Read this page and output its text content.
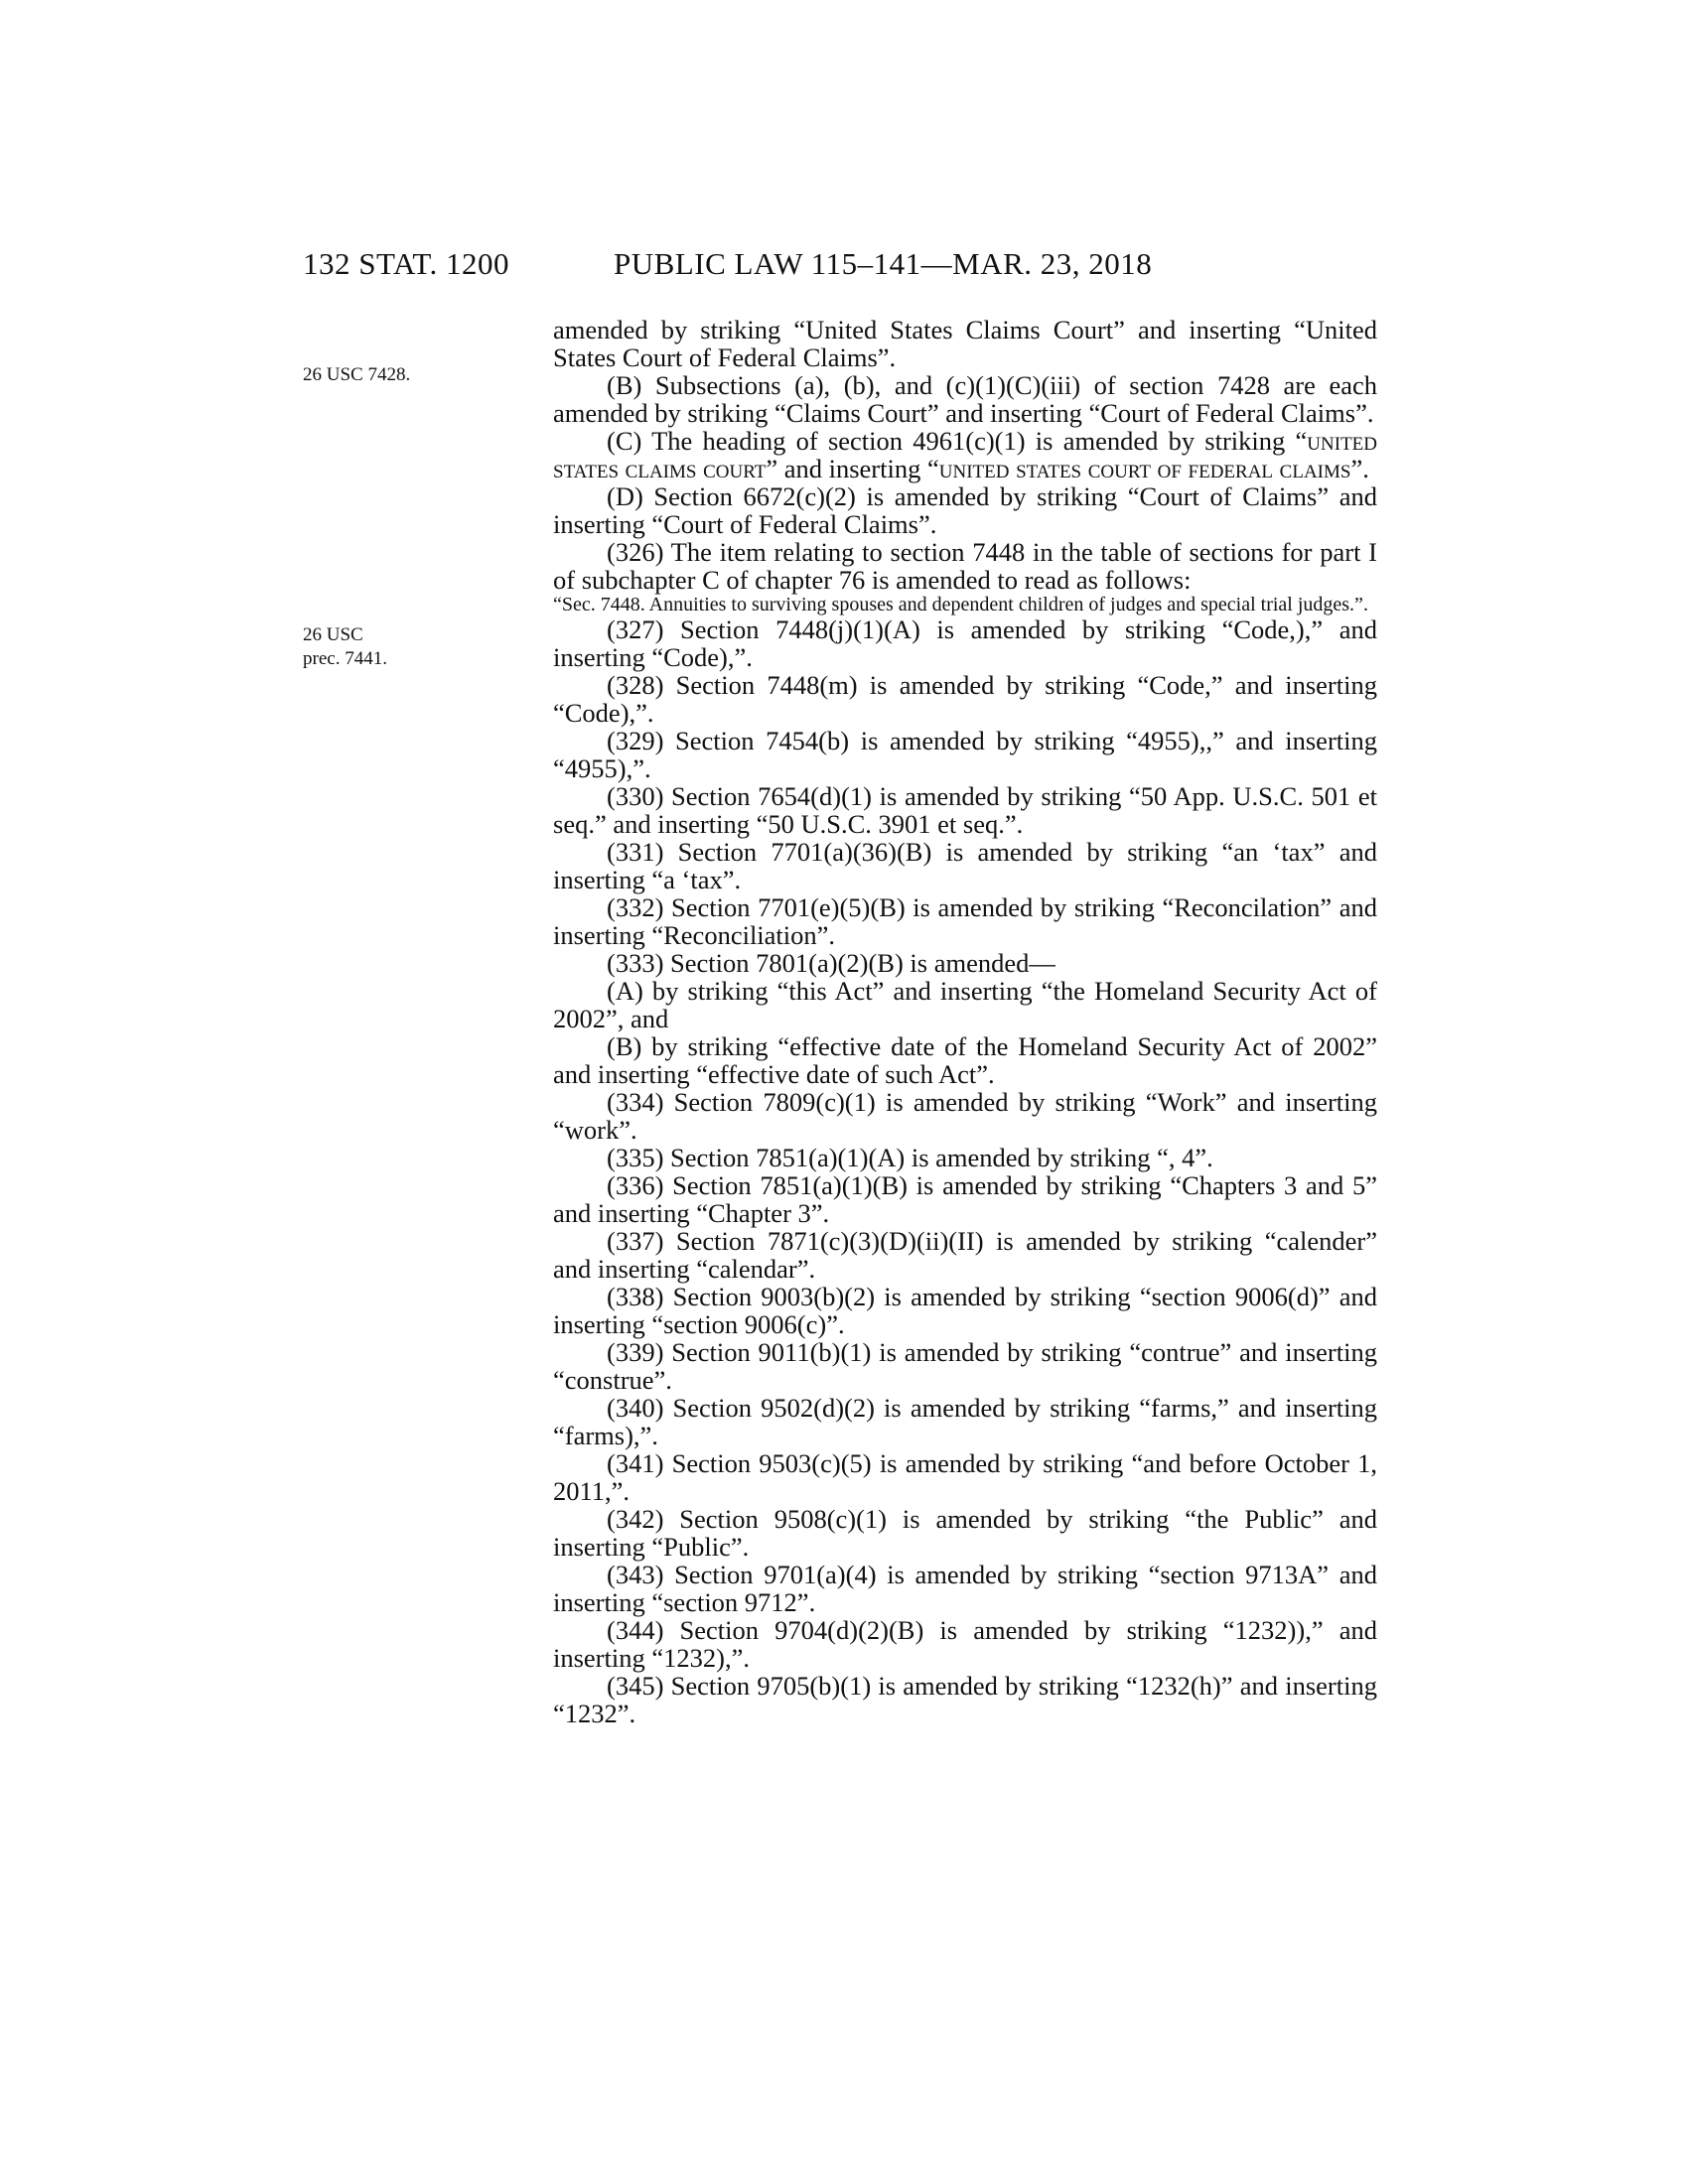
132 STAT. 1200	PUBLIC LAW 115–141—MAR. 23, 2018
26 USC 7428.
26 USC
prec. 7441.

amended by striking “United States Claims Court” and inserting “United States Court of Federal Claims”.

(B) Subsections (a), (b), and (c)(1)(C)(iii) of section 7428 are each amended by striking “Claims Court” and inserting “Court of Federal Claims”.

(C) The heading of section 4961(c)(1) is amended by striking “united states claims court” and inserting “united states court of federal claims”.

(D) Section 6672(c)(2) is amended by striking “Court of Claims” and inserting “Court of Federal Claims”.

(326) The item relating to section 7448 in the table of sections for part I of subchapter C of chapter 76 is amended to read as follows:

“Sec. 7448. Annuities to surviving spouses and dependent children of judges and special trial judges.”.

(327) Section 7448(j)(1)(A) is amended by striking “Code,),” and inserting “Code),”.

(328) Section 7448(m) is amended by striking “Code,” and inserting “Code),”.

(329) Section 7454(b) is amended by striking “4955),,” and inserting “4955),”.

(330) Section 7654(d)(1) is amended by striking “50 App. U.S.C. 501 et seq.” and inserting “50 U.S.C. 3901 et seq.”.

(331) Section 7701(a)(36)(B) is amended by striking “an ‘tax” and inserting “a ‘tax”.

(332) Section 7701(e)(5)(B) is amended by striking “Reconcilation” and inserting “Reconciliation”.

(333) Section 7801(a)(2)(B) is amended—

(A) by striking “this Act” and inserting “the Homeland Security Act of 2002”, and

(B) by striking “effective date of the Homeland Security Act of 2002” and inserting “effective date of such Act”.

(334) Section 7809(c)(1) is amended by striking “Work” and inserting “work”.

(335) Section 7851(a)(1)(A) is amended by striking “, 4”.

(336) Section 7851(a)(1)(B) is amended by striking “Chapters 3 and 5” and inserting “Chapter 3”.

(337) Section 7871(c)(3)(D)(ii)(II) is amended by striking “calender” and inserting “calendar”.

(338) Section 9003(b)(2) is amended by striking “section 9006(d)” and inserting “section 9006(c)”.

(339) Section 9011(b)(1) is amended by striking “contrue” and inserting “construe”.

(340) Section 9502(d)(2) is amended by striking “farms,” and inserting “farms),”.

(341) Section 9503(c)(5) is amended by striking “and before October 1, 2011,”.

(342) Section 9508(c)(1) is amended by striking “the Public” and inserting “Public”.

(343) Section 9701(a)(4) is amended by striking “section 9713A” and inserting “section 9712”.

(344) Section 9704(d)(2)(B) is amended by striking “1232)),” and inserting “1232),”.

(345) Section 9705(b)(1) is amended by striking “1232(h)” and inserting “1232”.
